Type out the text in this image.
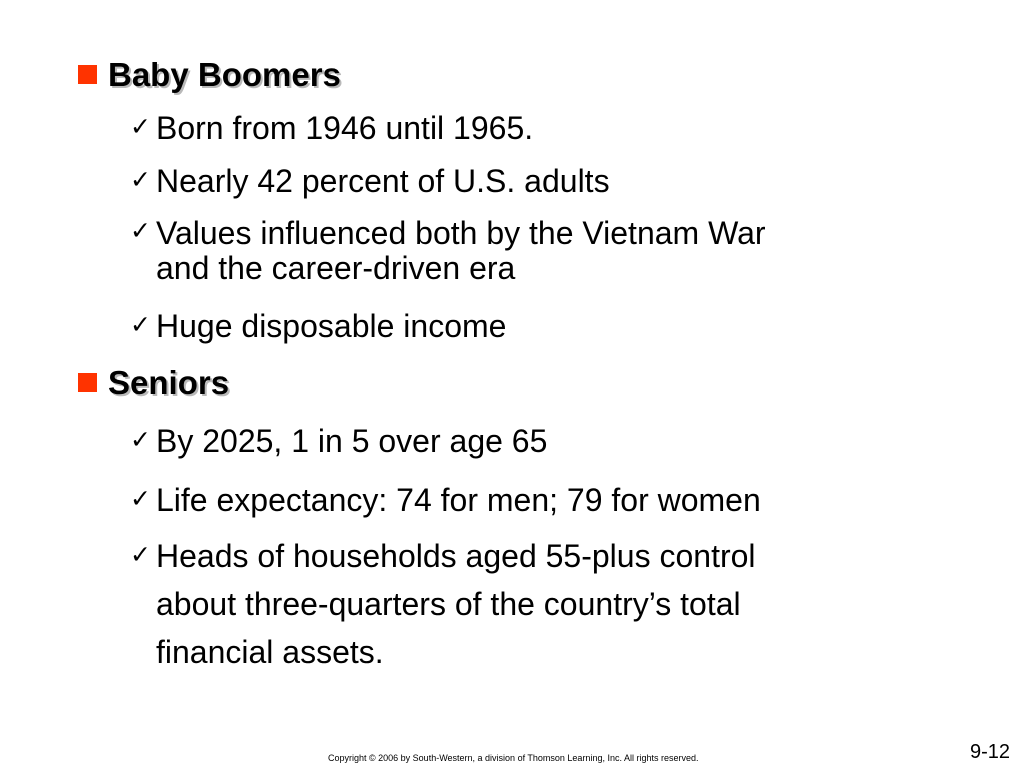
Baby Boomers
✓ Born from 1946 until 1965.
✓ Nearly 42 percent of U.S. adults
✓ Values influenced both by the Vietnam War
and the career-driven era
✓ Huge disposable income
Seniors
✓ By 2025, 1 in 5 over age 65
✓ Life expectancy: 74 for men; 79 for women
✓ Heads of households aged 55-plus control
about three-quarters of the country’s total
financial assets.
Copyright © 2006 by South-Western, a division of Thomson Learning, Inc. All rights reserved.	9-12
